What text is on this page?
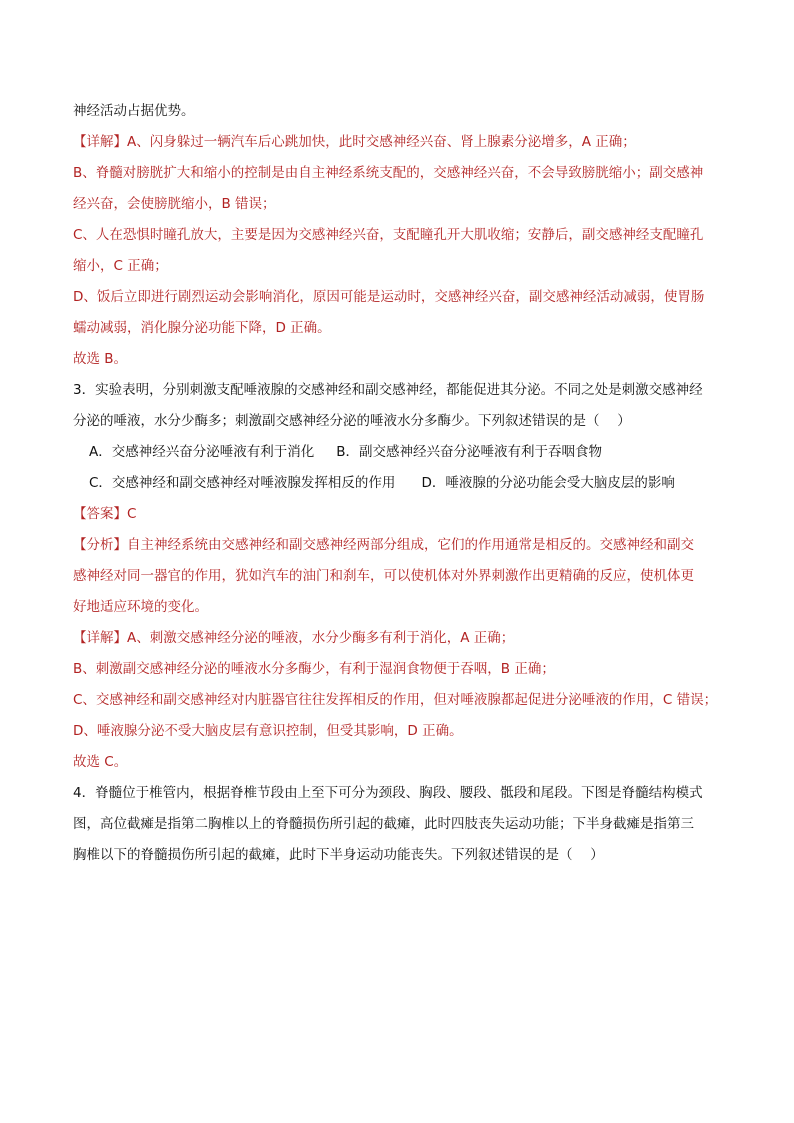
神经活动占据优势。
【详解】A、闪身躲过一辆汽车后心跳加快，此时交感神经兴奋、肾上腺素分泌增多，A 正确；
B、脊髓对膀胱扩大和缩小的控制是由自主神经系统支配的，交感神经兴奋，不会导致膀胱缩小；副交感神
经兴奋，会使膀胱缩小，B 错误；
C、人在恐惧时瞳孔放大，主要是因为交感神经兴奋，支配瞳孔开大肌收缩；安静后，副交感神经支配瞳孔
缩小，C 正确；
D、饭后立即进行剧烈运动会影响消化，原因可能是运动时，交感神经兴奋，副交感神经活动减弱，使胃肠
蠕动减弱，消化腺分泌功能下降，D 正确。
故选 B。
3．实验表明，分别刺激支配唾液腺的交感神经和副交感神经，都能促进其分泌。不同之处是刺激交感神经
分泌的唾液，水分少酶多；刺激副交感神经分泌的唾液水分多酶少。下列叙述错误的是（　 ）
A．交感神经兴奋分泌唾液有利于消化 B．副交感神经兴奋分泌唾液有利于吞咽食物
C．交感神经和副交感神经对唾液腺发挥相反的作用 D．唾液腺的分泌功能会受大脑皮层的影响
【答案】C
【分析】自主神经系统由交感神经和副交感神经两部分组成，它们的作用通常是相反的。交感神经和副交
感神经对同一器官的作用，犹如汽车的油门和刹车，可以使机体对外界刺激作出更精确的反应，使机体更
好地适应环境的变化。
【详解】A、刺激交感神经分泌的唾液，水分少酶多有利于消化，A 正确；
B、刺激副交感神经分泌的唾液水分多酶少，有利于湿润食物便于吞咽，B 正确；
C、交感神经和副交感神经对内脏器官往往发挥相反的作用，但对唾液腺都起促进分泌唾液的作用，C 错误；
D、唾液腺分泌不受大脑皮层有意识控制，但受其影响，D 正确。
故选 C。
4．脊髓位于椎管内，根据脊椎节段由上至下可分为颈段、胸段、腰段、骶段和尾段。下图是脊髓结构模式
图，高位截瘫是指第二胸椎以上的脊髓损伤所引起的截瘫，此时四肢丧失运动功能；下半身截瘫是指第三
胸椎以下的脊髓损伤所引起的截瘫，此时下半身运动功能丧失。下列叙述错误的是（　 ）
